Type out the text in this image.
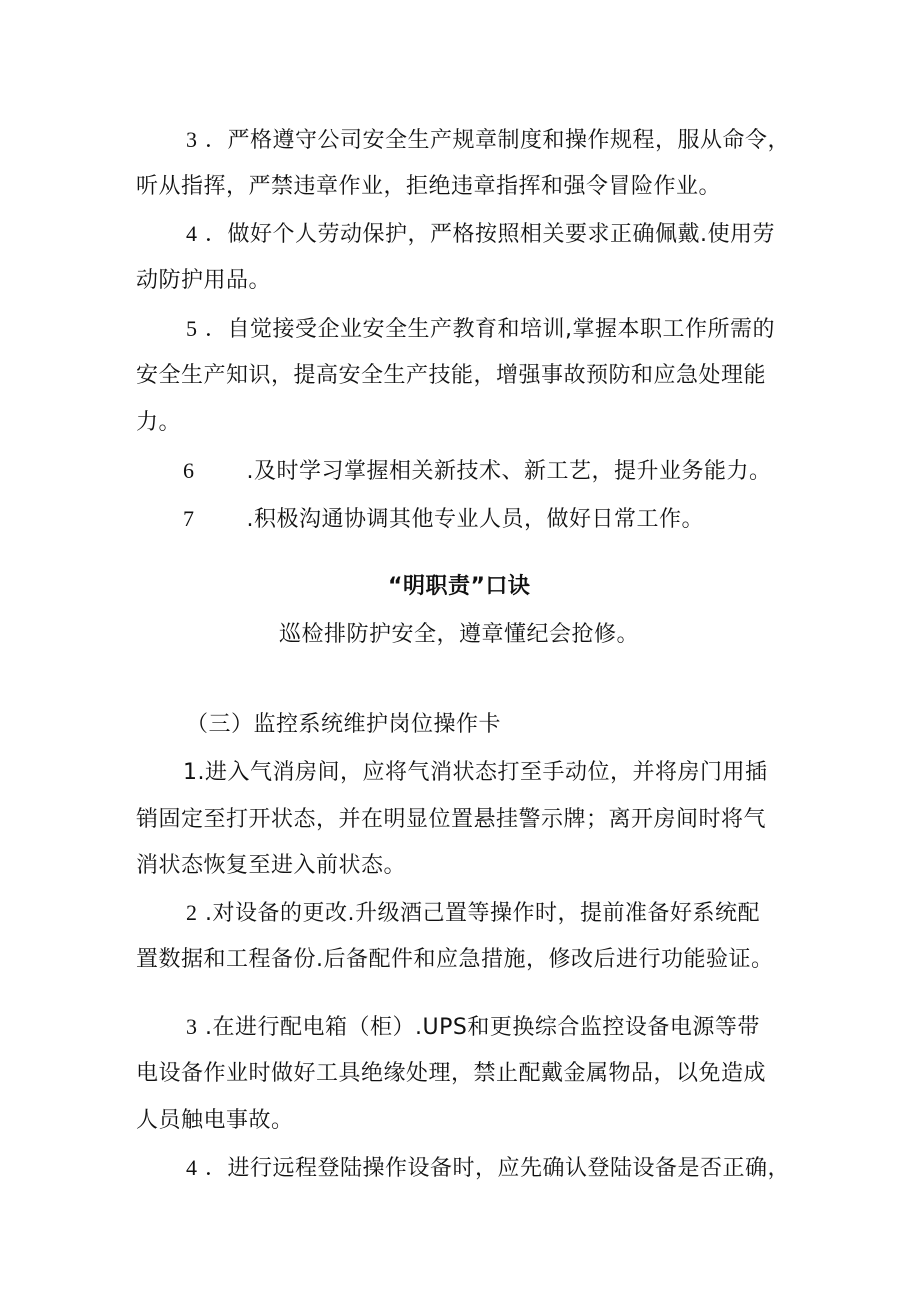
3 ．严格遵守公司安全生产规章制度和操作规程，服从命令，
听从指挥，严禁违章作业，拒绝违章指挥和强令冒险作业。
4 ．做好个人劳动保护，严格按照相关要求正确佩戴.使用劳
动防护用品。
5 ．自觉接受企业安全生产教育和培训,掌握本职工作所需的
安全生产知识，提高安全生产技能，增强事故预防和应急处理能
力。
6 .及时学习掌握相关新技术、新工艺，提升业务能力。
7 .积极沟通协调其他专业人员，做好日常工作。
“明职责”口诀
巡检排防护安全，遵章懂纪会抢修。
（三）监控系统维护岗位操作卡
1.进入气消房间，应将气消状态打至手动位，并将房门用插
销固定至打开状态，并在明显位置悬挂警示牌；离开房间时将气
消状态恢复至进入前状态。
2 .对设备的更改.升级酒己置等操作时，提前准备好系统配
置数据和工程备份.后备配件和应急措施，修改后进行功能验证。
3 .在进行配电箱（柜）.UPS和更换综合监控设备电源等带
电设备作业时做好工具绝缘处理，禁止配戴金属物品，以免造成
人员触电事故。
4 ．进行远程登陆操作设备时，应先确认登陆设备是否正确，
